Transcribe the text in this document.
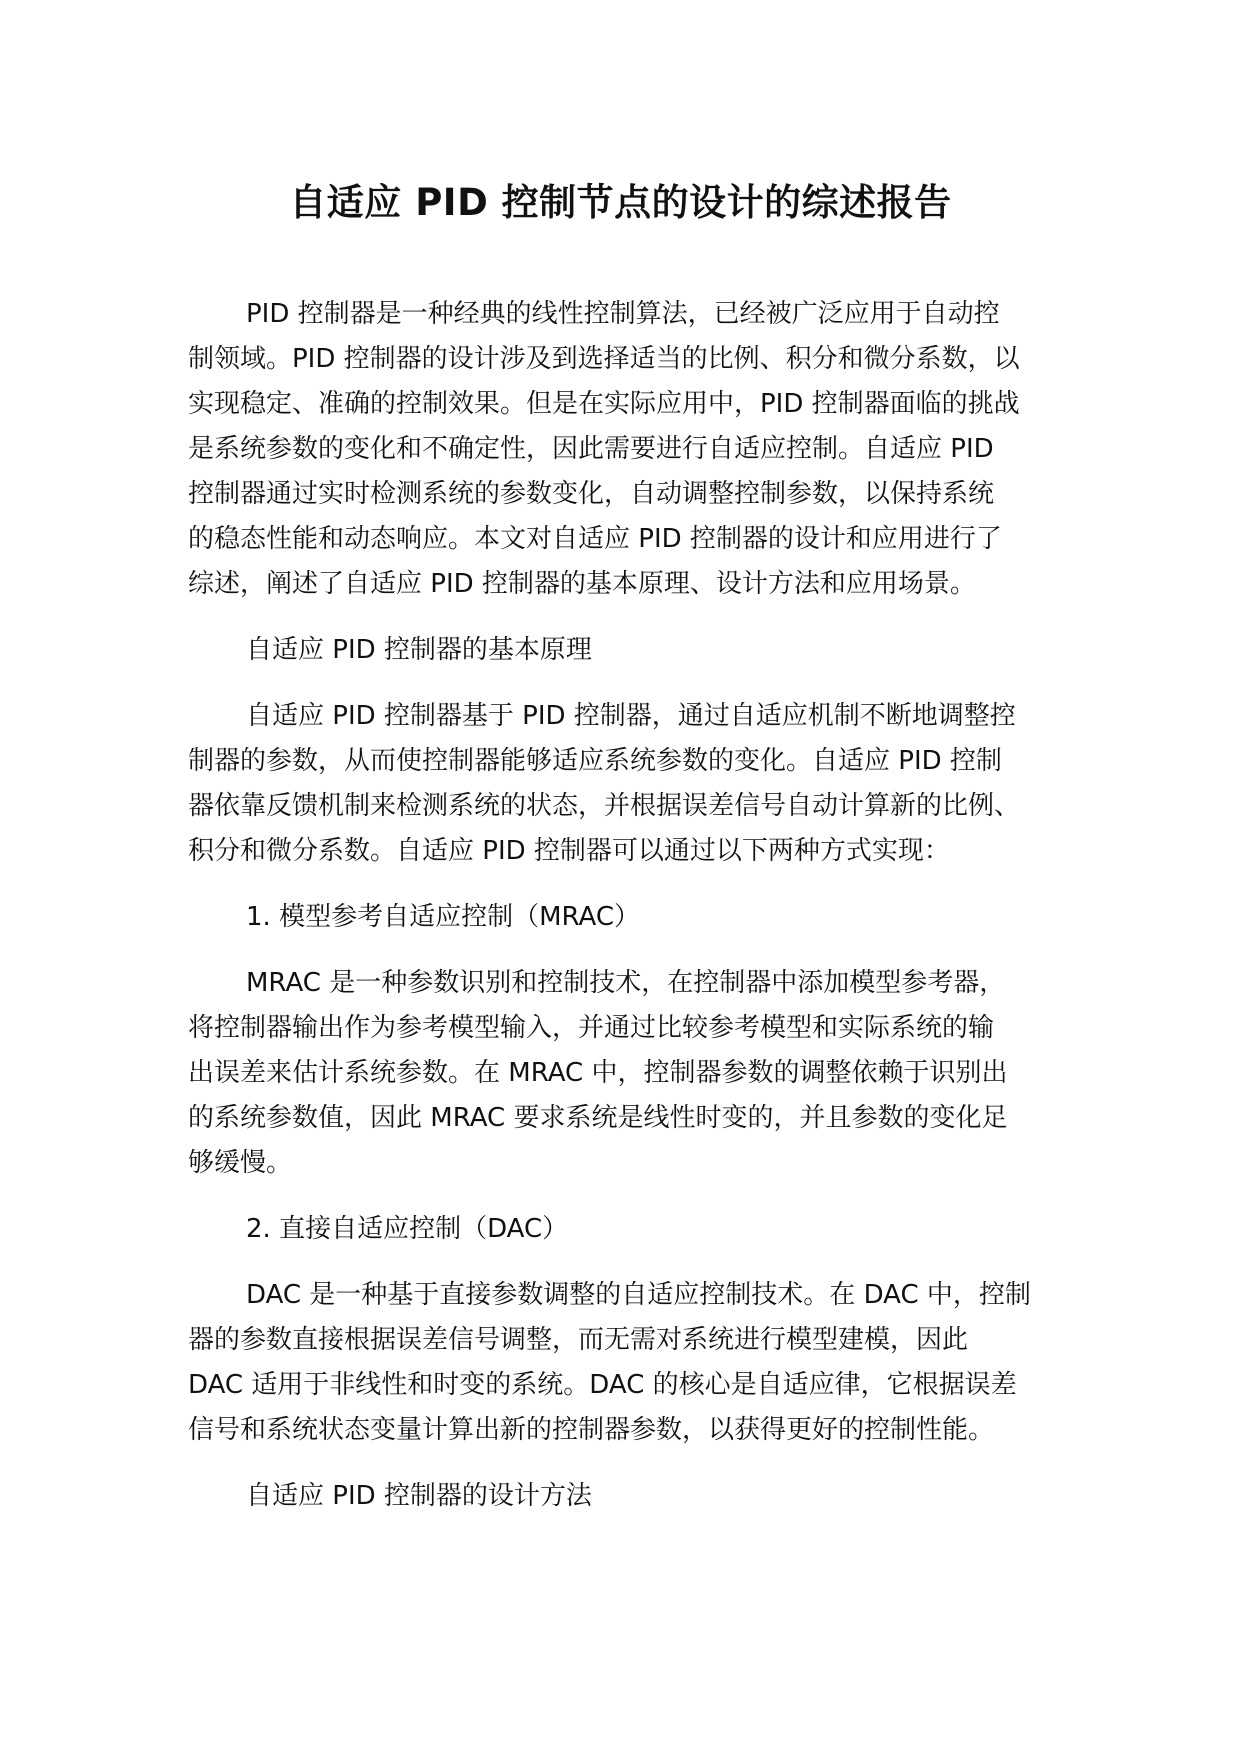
自适应 PID 控制节点的设计的综述报告

PID 控制器是一种经典的线性控制算法，已经被广泛应用于自动控
制领域。PID 控制器的设计涉及到选择适当的比例、积分和微分系数，以
实现稳定、准确的控制效果。但是在实际应用中，PID 控制器面临的挑战
是系统参数的变化和不确定性，因此需要进行自适应控制。自适应 PID
控制器通过实时检测系统的参数变化，自动调整控制参数，以保持系统
的稳态性能和动态响应。本文对自适应 PID 控制器的设计和应用进行了
综述，阐述了自适应 PID 控制器的基本原理、设计方法和应用场景。

自适应 PID 控制器的基本原理

自适应 PID 控制器基于 PID 控制器，通过自适应机制不断地调整控
制器的参数，从而使控制器能够适应系统参数的变化。自适应 PID 控制
器依靠反馈机制来检测系统的状态，并根据误差信号自动计算新的比例、
积分和微分系数。自适应 PID 控制器可以通过以下两种方式实现：

1. 模型参考自适应控制（MRAC）

MRAC 是一种参数识别和控制技术，在控制器中添加模型参考器，
将控制器输出作为参考模型输入，并通过比较参考模型和实际系统的输
出误差来估计系统参数。在 MRAC 中，控制器参数的调整依赖于识别出
的系统参数值，因此 MRAC 要求系统是线性时变的，并且参数的变化足
够缓慢。

2. 直接自适应控制（DAC）

DAC 是一种基于直接参数调整的自适应控制技术。在 DAC 中，控制
器的参数直接根据误差信号调整，而无需对系统进行模型建模，因此
DAC 适用于非线性和时变的系统。DAC 的核心是自适应律，它根据误差
信号和系统状态变量计算出新的控制器参数，以获得更好的控制性能。

自适应 PID 控制器的设计方法
